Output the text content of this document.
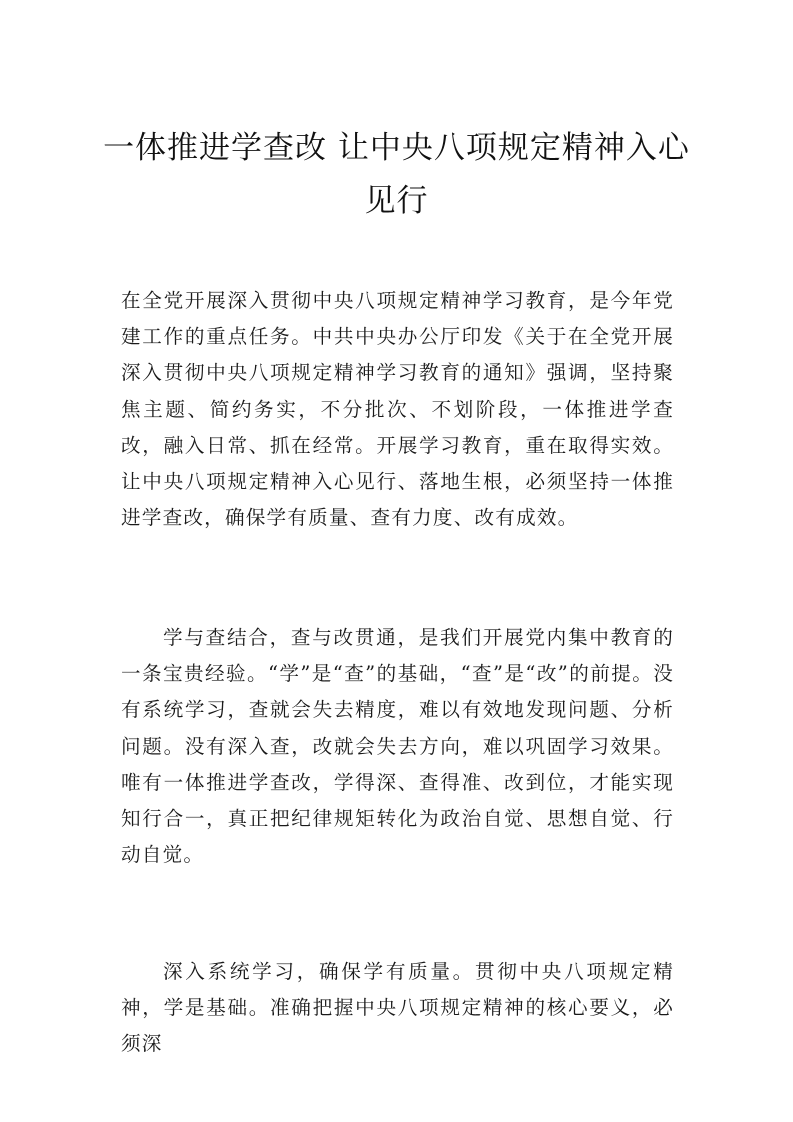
一体推进学查改 让中央八项规定精神入心见行

在全党开展深入贯彻中央八项规定精神学习教育，是今年党建工作的重点任务。中共中央办公厅印发《关于在全党开展深入贯彻中央八项规定精神学习教育的通知》强调，坚持聚焦主题、简约务实，不分批次、不划阶段，一体推进学查改，融入日常、抓在经常。开展学习教育，重在取得实效。让中央八项规定精神入心见行、落地生根，必须坚持一体推进学查改，确保学有质量、查有力度、改有成效。

学与查结合，查与改贯通，是我们开展党内集中教育的一条宝贵经验。“学”是“查”的基础，“查”是“改”的前提。没有系统学习，查就会失去精度，难以有效地发现问题、分析问题。没有深入查，改就会失去方向，难以巩固学习效果。唯有一体推进学查改，学得深、查得准、改到位，才能实现知行合一，真正把纪律规矩转化为政治自觉、思想自觉、行动自觉。

深入系统学习，确保学有质量。贯彻中央八项规定精神，学是基础。准确把握中央八项规定精神的核心要义，必须深
